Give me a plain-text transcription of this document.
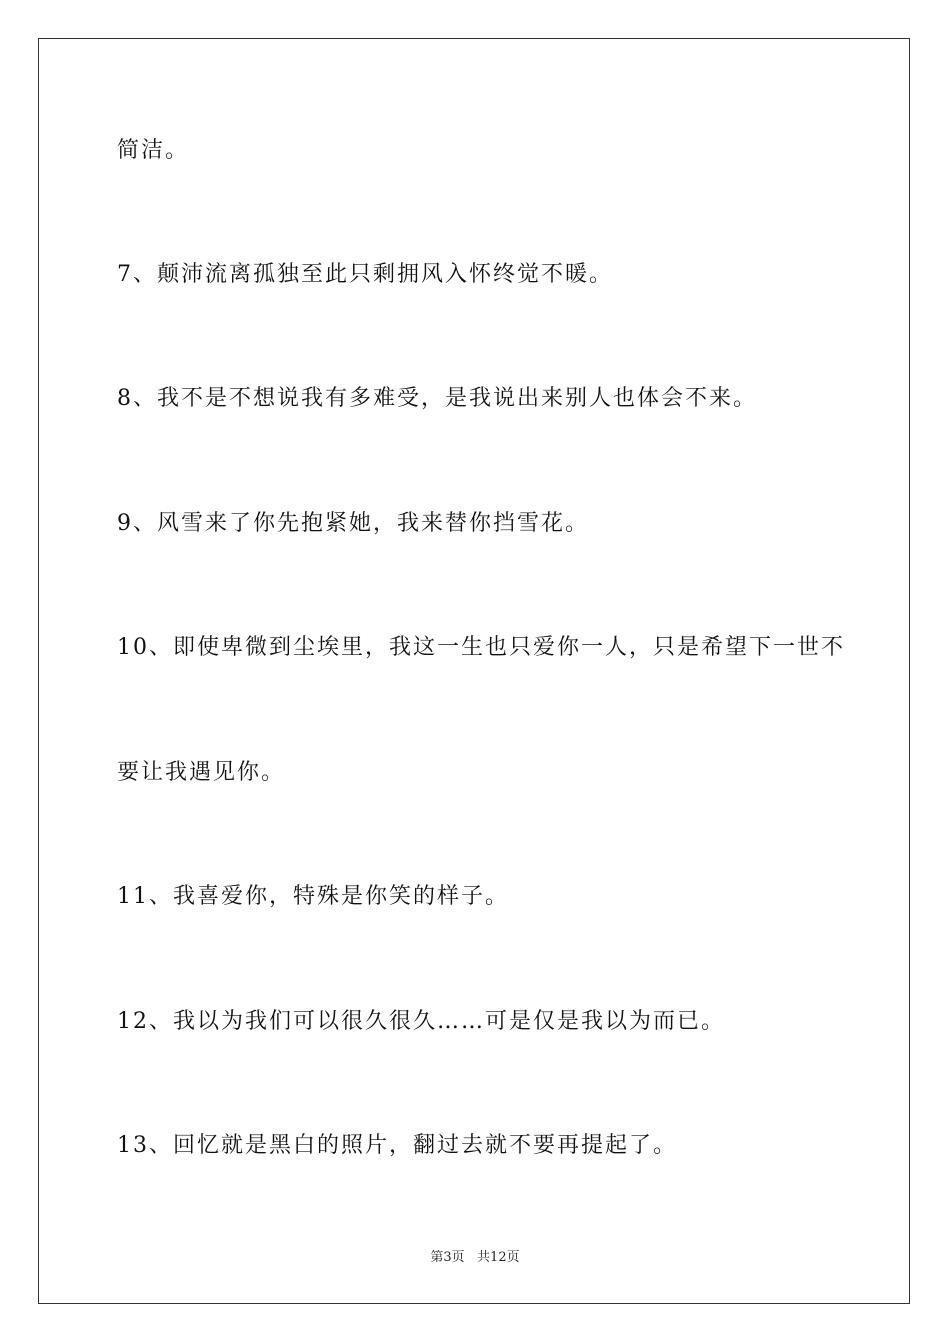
简洁。
7、颠沛流离孤独至此只剩拥风入怀终觉不暖。
8、我不是不想说我有多难受，是我说出来别人也体会不来。
9、风雪来了你先抱紧她，我来替你挡雪花。
10、即使卑微到尘埃里，我这一生也只爱你一人，只是希望下一世不
要让我遇见你。
11、我喜爱你，特殊是你笑的样子。
12、我以为我们可以很久很久……可是仅是我以为而已。
13、回忆就是黑白的照片，翻过去就不要再提起了。
第3页   共12页
